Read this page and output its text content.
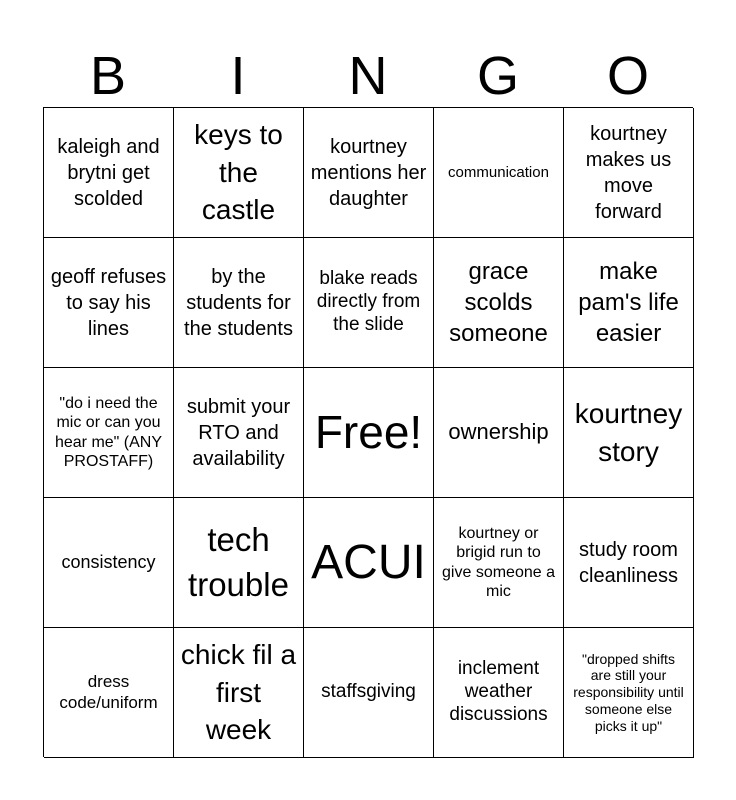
B	I	N	G	O
kaleigh and brytni get scolded
keys to the castle
kourtney mentions her daughter
communication
kourtney makes us move forward
geoff refuses to say his lines
by the students for the students
blake reads directly from the slide
grace scolds someone
make pam's life easier
"do i need the mic or can you hear me" (ANY PROSTAFF)
submit your RTO and availability
Free!	ownership
kourtney story
consistency
tech trouble ACUI
kourtney or brigid run to give someone a mic
study room cleanliness
dress code/uniform
chick fil a first week
staffsgiving
inclement weather discussions
"dropped shifts are still your responsibility until someone else picks it up"
